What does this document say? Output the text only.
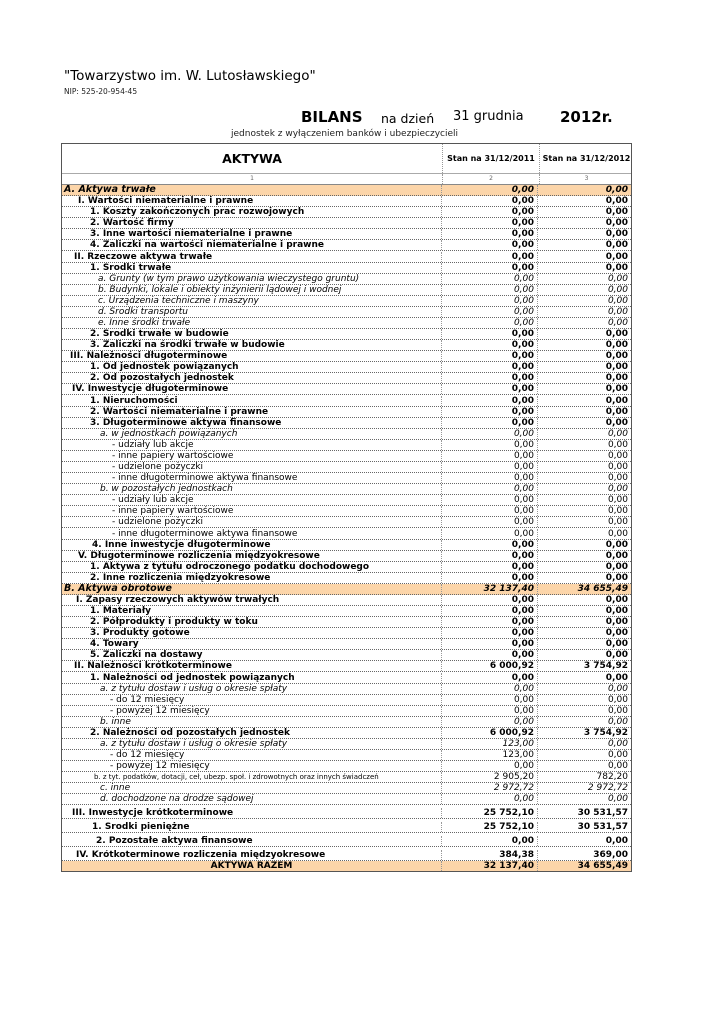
"Towarzystwo im. W. Lutosławskiego"
NIP: 525-20-954-45
BILANS na dzień 31 grudnia 2012r.
jednostek z wyłączeniem banków i ubezpieczycieli
AKTYWA	Stan na 31/12/2011 Stan na 31/12/2012
1	2	3
A. Aktywa trwałe	0,00	0,00
I. Wartości niematerialne i prawne	0,00	0,00
1. Koszty zakończonych prac rozwojowych	0,00	0,00
2. Wartość firmy	0,00	0,00
3. Inne wartości niematerialne i prawne	0,00	0,00
4. Zaliczki na wartości niematerialne i prawne	0,00	0,00
II. Rzeczowe aktywa trwałe	0,00	0,00
1. Środki trwałe	0,00	0,00
a. Grunty (w tym prawo użytkowania wieczystego gruntu)	0,00	0,00
b. Budynki, lokale i obiekty inżynierii lądowej i wodnej	0,00	0,00
c. Urządzenia techniczne i maszyny	0,00	0,00
d. Środki transportu	0,00	0,00
e. Inne środki trwałe	0,00	0,00
2. Środki trwałe w budowie	0,00	0,00
3. Zaliczki na środki trwałe w budowie	0,00	0,00
III. Należności długoterminowe	0,00	0,00
1. Od jednostek powiązanych	0,00	0,00
2. Od pozostałych jednostek	0,00	0,00
IV. Inwestycje długoterminowe	0,00	0,00
1. Nieruchomości	0,00	0,00
2. Wartości niematerialne i prawne	0,00	0,00
3. Długoterminowe aktywa finansowe	0,00	0,00
a. w jednostkach powiązanych	0,00	0,00
- udziały lub akcje	0,00	0,00
- inne papiery wartościowe	0,00	0,00
- udzielone pożyczki	0,00	0,00
- inne długoterminowe aktywa finansowe	0,00	0,00
b. w pozostałych jednostkach	0,00	0,00
- udziały lub akcje	0,00	0,00
- inne papiery wartościowe	0,00	0,00
- udzielone pożyczki	0,00	0,00
- inne długoterminowe aktywa finansowe	0,00	0,00
4. Inne inwestycje długoterminowe	0,00	0,00
V. Długoterminowe rozliczenia międzyokresowe	0,00	0,00
1. Aktywa z tytułu odroczonego podatku dochodowego	0,00	0,00
2. Inne rozliczenia międzyokresowe	0,00	0,00
B. Aktywa obrotowe	32 137,40	34 655,49
I. Zapasy rzeczowych aktywów trwałych	0,00	0,00
1. Materiały	0,00	0,00
2. Półprodukty i produkty w toku	0,00	0,00
3. Produkty gotowe	0,00	0,00
4. Towary	0,00	0,00
5. Zaliczki na dostawy	0,00	0,00
II. Należności krótkoterminowe	6 000,92	3 754,92
1. Należności od jednostek powiązanych	0,00	0,00
a. z tytułu dostaw i usług o okresie spłaty	0,00	0,00
- do 12 miesięcy	0,00	0,00
- powyżej 12 miesięcy	0,00	0,00
b. inne	0,00	0,00
2. Należności od pozostałych jednostek	6 000,92	3 754,92
a. z tytułu dostaw i usług o okresie spłaty	123,00	0,00
- do 12 miesięcy	123,00	0,00
- powyżej 12 miesięcy	0,00	0,00
b. z tyt. podatków, dotacji, ceł, ubezp. społ. i zdrowotnych oraz innych świadczeń	2 905,20	782,20
c. inne	2 972,72	2 972,72
d. dochodzone na drodze sądowej	0,00	0,00
III. Inwestycje krótkoterminowe	25 752,10	30 531,57
1. Środki pieniężne	25 752,10	30 531,57
2. Pozostałe aktywa finansowe	0,00	0,00
IV. Krótkoterminowe rozliczenia międzyokresowe	384,38	369,00
AKTYWA RAZEM	32 137,40	34 655,49
